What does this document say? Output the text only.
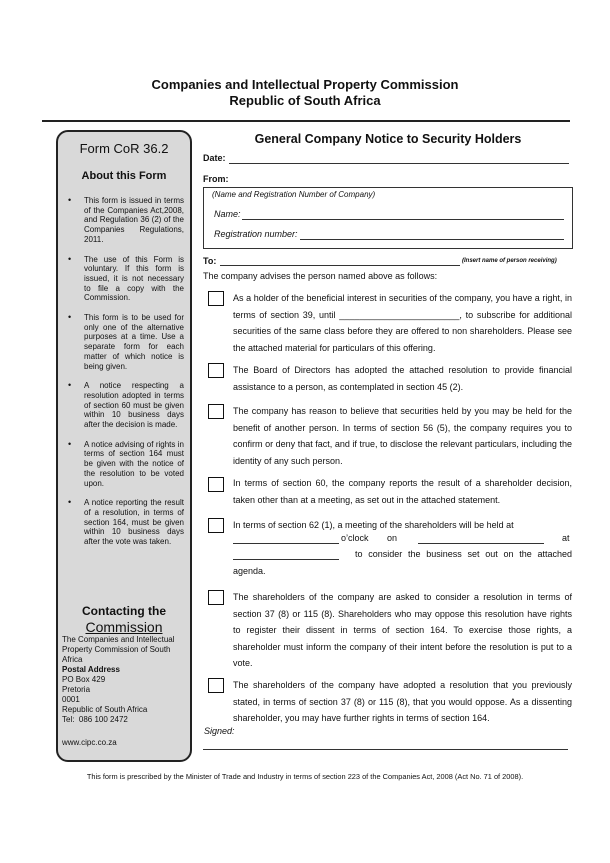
Companies and Intellectual Property Commission
Republic of South Africa
Form CoR 36.2
About this Form
• This form is issued in terms of the Companies Act,2008, and Regulation 36 (2) of the Companies Regulations, 2011.
• The use of this Form is voluntary. If this form is issued, it is not necessary to file a copy with the Commission.
• This form is to be used for only one of the alternative purposes at a time. Use a separate form for each matter of which notice is being given.
• A notice respecting a resolution adopted in terms of section 60 must be given within 10 business days after the decision is made.
• A notice advising of rights in terms of section 164 must be given with the notice of the resolution to be voted upon.
• A notice reporting the result of a resolution, in terms of section 164, must be given within 10 business days after the vote was taken.
Contacting the
Commission
The Companies and Intellectual
Property Commission of South Africa
Postal Address
PO Box 429
Pretoria
0001
Republic of South Africa
Tel: 086 100 2472
www.cipc.co.za
General Company Notice to Security Holders
Date:
From:
(Name and Registration Number of Company)
Name:
Registration number:
To:	(Insert name of person receiving)
The company advises the person named above as follows:
As a holder of the beneficial interest in securities of the company, you have a right, in terms of section 39, until ________________________, to subscribe for additional securities of the same class before they are offered to non shareholders. Please see the attached material for particulars of this offering.
The Board of Directors has adopted the attached resolution to provide financial assistance to a person, as contemplated in section 45 (2).
The company has reason to believe that securities held by you may be held for the benefit of another person. In terms of section 56 (5), the company requires you to confirm or deny that fact, and if true, to disclose the relevant particulars, including the identity of any such person.
In terms of section 60, the company reports the result of a shareholder decision, taken other than at a meeting, as set out in the attached statement.
In terms of section 62 (1), a meeting of the shareholders will be held at
o’clock on	at
to consider the business set out on the attached
agenda.
The shareholders of the company are asked to consider a resolution in terms of section 37 (8) or 115 (8). Shareholders who may oppose this resolution have rights to register their dissent in terms of section 164. To exercise those rights, a shareholder must inform the company of their intent before the resolution is put to a vote.
The shareholders of the company have adopted a resolution that you previously stated, in terms of section 37 (8) or 115 (8), that you would oppose. As a dissenting shareholder, you may have further rights in terms of section 164.
Signed:
This form is prescribed by the Minister of Trade and Industry in terms of section 223 of the Companies Act, 2008 (Act No. 71 of 2008).
